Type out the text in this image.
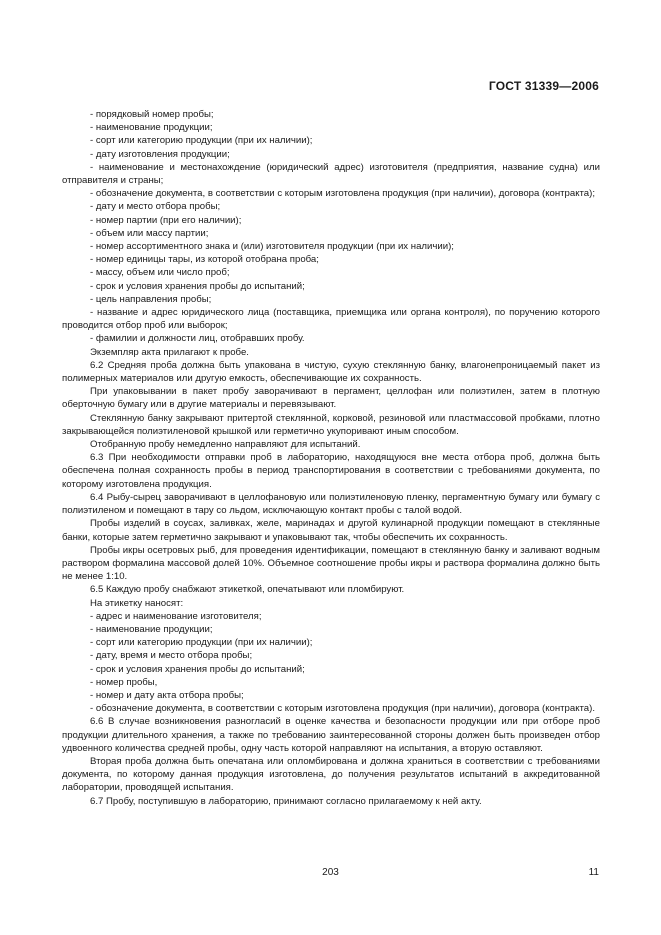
ГОСТ 31339—2006

- порядковый номер пробы;

- наименование продукции;

- сорт или категорию продукции (при их наличии);

- дату изготовления продукции;

- наименование и местонахождение (юридический адрес) изготовителя (предприятия, название судна) или отправителя и страны;

- обозначение документа, в соответствии с которым изготовлена продукция (при наличии), договора (контракта);

- дату и место отбора пробы;

- номер партии (при его наличии);

- объем или массу партии;

- номер ассортиментного знака и (или) изготовителя продукции (при их наличии);

- номер единицы тары, из которой отобрана проба;

- массу, объем или число проб;

- срок и условия хранения пробы до испытаний;

- цель направления пробы;

- название и адрес юридического лица (поставщика, приемщика или органа контроля), по поручению которого проводится отбор проб или выборок;

- фамилии и должности лиц, отобравших пробу.

Экземпляр акта прилагают к пробе.

6.2 Средняя проба должна быть упакована в чистую, сухую стеклянную банку, влагонепроницаемый пакет из полимерных материалов или другую емкость, обеспечивающие их сохранность.

При упаковывании в пакет пробу заворачивают в пергамент, целлофан или полиэтилен, затем в плотную оберточную бумагу или в другие материалы и перевязывают.

Стеклянную банку закрывают притертой стеклянной, корковой, резиновой или пластмассовой пробками, плотно закрывающейся полиэтиленовой крышкой или герметично укупоривают иным способом.

Отобранную пробу немедленно направляют для испытаний.

6.3 При необходимости отправки проб в лабораторию, находящуюся вне места отбора проб, должна быть обеспечена полная сохранность пробы в период транспортирования в соответствии с требованиями документа, по которому изготовлена продукция.

6.4 Рыбу-сырец заворачивают в целлофановую или полиэтиленовую пленку, пергаментную бумагу или бумагу с полиэтиленом и помещают в тару со льдом, исключающую контакт пробы с талой водой.

Пробы изделий в соусах, заливках, желе, маринадах и другой кулинарной продукции помещают в стеклянные банки, которые затем герметично закрывают и упаковывают так, чтобы обеспечить их сохранность.

Пробы икры осетровых рыб, для проведения идентификации, помещают в стеклянную банку и заливают водным раствором формалина массовой долей 10%. Объемное соотношение пробы икры и раствора формалина должно быть не менее 1:10.

6.5 Каждую пробу снабжают этикеткой, опечатывают или пломбируют.

На этикетку наносят:

- адрес и наименование изготовителя;

- наименование продукции;

- сорт или категорию продукции (при их наличии);

- дату, время и место отбора пробы;

- срок и условия хранения пробы до испытаний;

- номер пробы,

- номер и дату акта отбора пробы;

- обозначение документа, в соответствии с которым изготовлена продукция (при наличии), договора (контракта).

6.6 В случае возникновения разногласий в оценке качества и безопасности продукции или при отборе проб продукции длительного хранения, а также по требованию заинтересованной стороны должен быть произведен отбор удвоенного количества средней пробы, одну часть которой направляют на испытания, а вторую оставляют.

Вторая проба должна быть опечатана или опломбирована и должна храниться в соответствии с требованиями документа, по которому данная продукция изготовлена, до получения результатов испытаний в аккредитованной лаборатории, проводящей испытания.

6.7 Пробу, поступившую в лабораторию, принимают согласно прилагаемому к ней акту.

203	11
